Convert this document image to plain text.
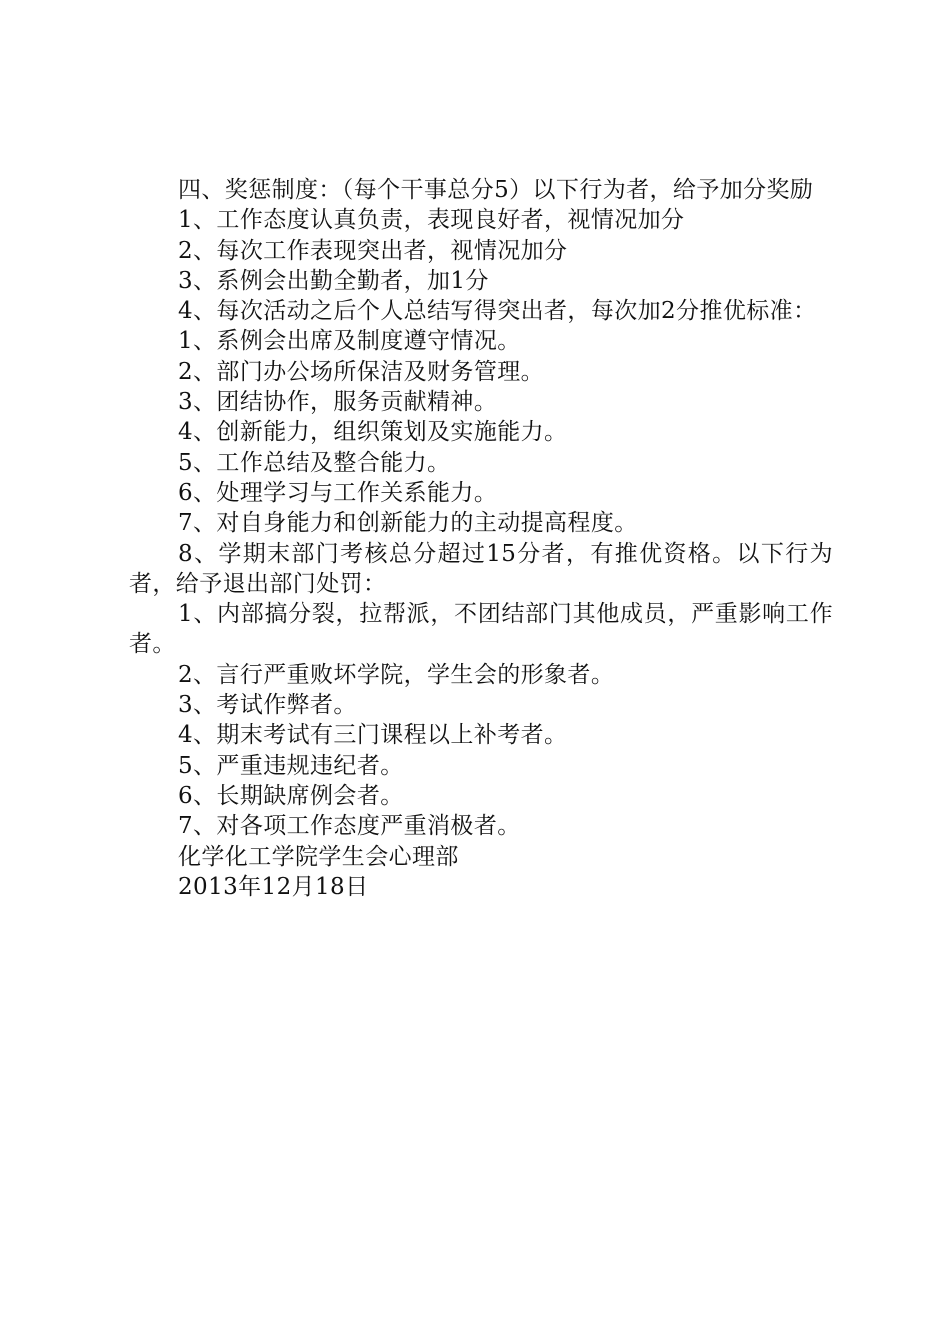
四、奖惩制度：（每个干事总分5）以下行为者，给予加分奖励

1、工作态度认真负责，表现良好者，视情况加分

2、每次工作表现突出者，视情况加分

3、系例会出勤全勤者，加1分

4、每次活动之后个人总结写得突出者，每次加2分推优标准：

1、系例会出席及制度遵守情况。

2、部门办公场所保洁及财务管理。

3、团结协作，服务贡献精神。

4、创新能力，组织策划及实施能力。

5、工作总结及整合能力。

6、处理学习与工作关系能力。

7、对自身能力和创新能力的主动提高程度。

8、学期末部门考核总分超过15分者，有推优资格。以下行为者，给予退出部门处罚：

1、内部搞分裂，拉帮派，不团结部门其他成员，严重影响工作者。

2、言行严重败坏学院，学生会的形象者。

3、考试作弊者。

4、期末考试有三门课程以上补考者。

5、严重违规违纪者。

6、长期缺席例会者。

7、对各项工作态度严重消极者。

化学化工学院学生会心理部

2013年12月18日
